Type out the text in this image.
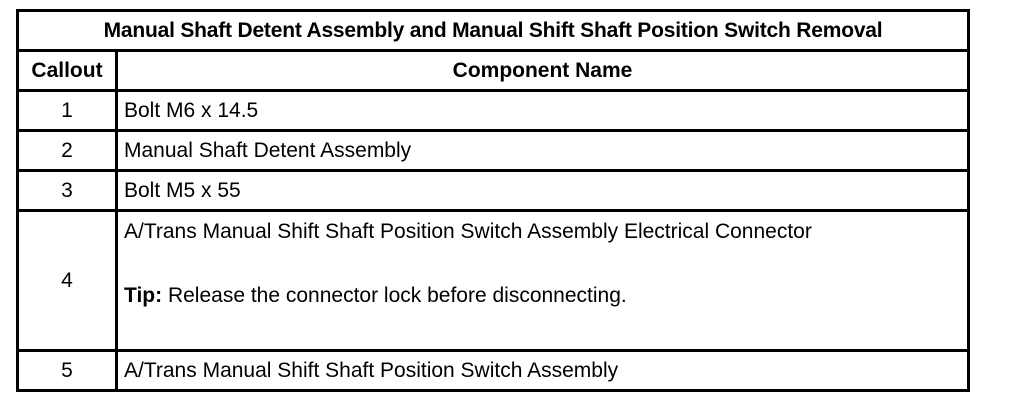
Manual Shaft Detent Assembly and Manual Shift Shaft Position Switch Removal	
Callout	Component Name
1	Bolt M6 x 14.5
2	Manual Shaft Detent Assembly
3	Bolt M5 x 55
4	A/Trans Manual Shift Shaft Position Switch Assembly Electrical Connector
Tip: Release the connector lock before disconnecting.

5	A/Trans Manual Shift Shaft Position Switch Assembly
